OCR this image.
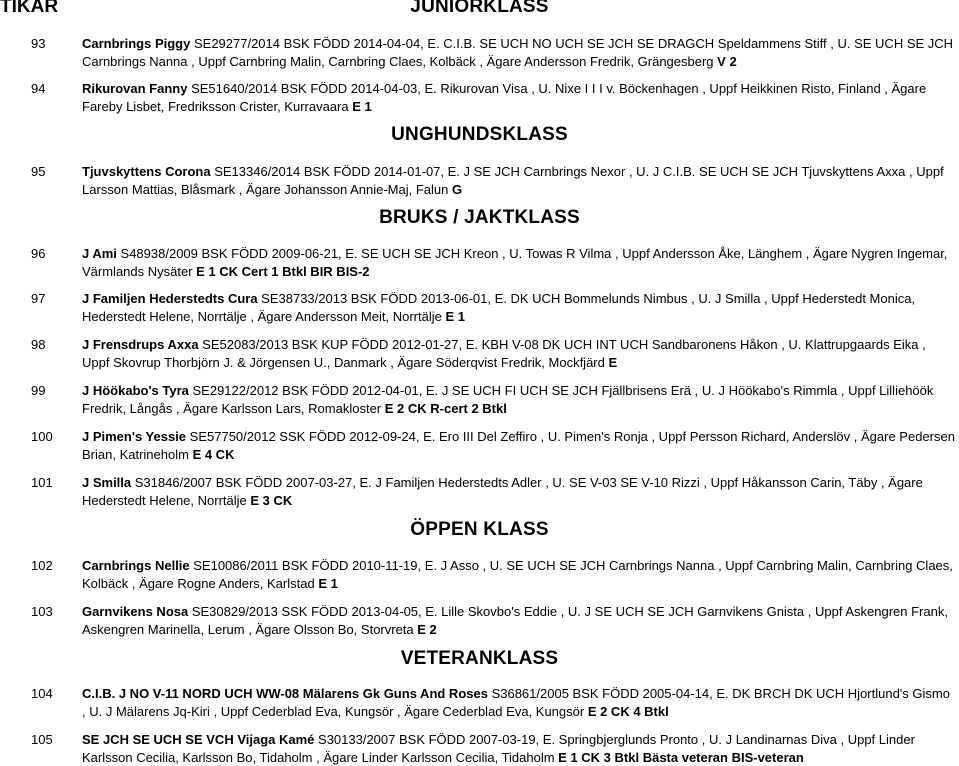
TIKAR	JUNIORKLASS
93	Carnbrings Piggy SE29277/2014 BSK FÖDD 2014-04-04, E. C.I.B. SE UCH NO UCH SE JCH SE DRAGCH Speldammens Stiff , U. SE UCH SE JCH Carnbrings Nanna , Uppf Carnbring Malin, Carnbring Claes, Kolbäck , Ägare Andersson Fredrik, Grängesberg V 2
94	Rikurovan Fanny SE51640/2014 BSK FÖDD 2014-04-03, E. Rikurovan Visa , U. Nixe I I I v. Böckenhagen , Uppf Heikkinen Risto, Finland , Ägare Fareby Lisbet, Fredriksson Crister, Kurravaara E 1
UNGHUNDSKLASS
95	Tjuvskyttens Corona SE13346/2014 BSK FÖDD 2014-01-07, E. J SE JCH Carnbrings Nexor , U. J C.I.B. SE UCH SE JCH Tjuvskyttens Axxa , Uppf Larsson Mattias, Blåsmark , Ägare Johansson Annie-Maj, Falun G
BRUKS / JAKTKLASS
96	J Ami S48938/2009 BSK FÖDD 2009-06-21, E. SE UCH SE JCH Kreon , U. Towas R Vilma , Uppf Andersson Åke, Länghem , Ägare Nygren Ingemar, Värmlands Nysäter E 1 CK Cert 1 Btkl BIR BIS-2
97	J Familjen Hederstedts Cura SE38733/2013 BSK FÖDD 2013-06-01, E. DK UCH Bommelunds Nimbus , U. J Smilla , Uppf Hederstedt Monica, Hederstedt Helene, Norrtälje , Ägare Andersson Meit, Norrtälje E 1
98	J Frensdrups Axxa SE52083/2013 BSK KUP FÖDD 2012-01-27, E. KBH V-08 DK UCH INT UCH Sandbaronens Håkon , U. Klattrupgaards Eika , Uppf Skovrup Thorbjörn J. & Jörgensen U., Danmark , Ägare Söderqvist Fredrik, Mockfjärd E
99	J Höökabo's Tyra SE29122/2012 BSK FÖDD 2012-04-01, E. J SE UCH FI UCH SE JCH Fjällbrisens Erä , U. J Höökabo's Rimmla , Uppf Lilliehöök Fredrik, Långås , Ägare Karlsson Lars, Romakloster E 2 CK R-cert 2 Btkl
100 J Pimen's Yessie SE57750/2012 SSK FÖDD 2012-09-24, E. Ero III Del Zeffiro , U. Pimen's Ronja , Uppf Persson Richard, Anderslöv , Ägare Pedersen Brian, Katrineholm E 4 CK
101 J Smilla S31846/2007 BSK FÖDD 2007-03-27, E. J Familjen Hederstedts Adler , U. SE V-03 SE V-10 Rizzi , Uppf Håkansson Carin, Täby , Ägare Hederstedt Helene, Norrtälje E 3 CK
ÖPPEN KLASS
102 Carnbrings Nellie SE10086/2011 BSK FÖDD 2010-11-19, E. J Asso , U. SE UCH SE JCH Carnbrings Nanna , Uppf Carnbring Malin, Carnbring Claes, Kolbäck , Ägare Rogne Anders, Karlstad E 1
103 Garnvikens Nosa SE30829/2013 SSK FÖDD 2013-04-05, E. Lille Skovbo's Eddie , U. J SE UCH SE JCH Garnvikens Gnista , Uppf Askengren Frank, Askengren Marinella, Lerum , Ägare Olsson Bo, Storvreta E 2
VETERANKLASS
104 C.I.B. J NO V-11 NORD UCH WW-08 Mälarens Gk Guns And Roses S36861/2005 BSK FÖDD 2005-04-14, E. DK BRCH DK UCH Hjortlund's Gismo , U. J Mälarens Jq-Kiri , Uppf Cederblad Eva, Kungsör , Ägare Cederblad Eva, Kungsör E 2 CK 4 Btkl
105 SE JCH SE UCH SE VCH Vijaga Kamé S30133/2007 BSK FÖDD 2007-03-19, E. Springbjerglunds Pronto , U. J Landinarnas Diva , Uppf Linder Karlsson Cecilia, Karlsson Bo, Tidaholm , Ägare Linder Karlsson Cecilia, Tidaholm E 1 CK 3 Btkl Bästa veteran BIS-veteran
